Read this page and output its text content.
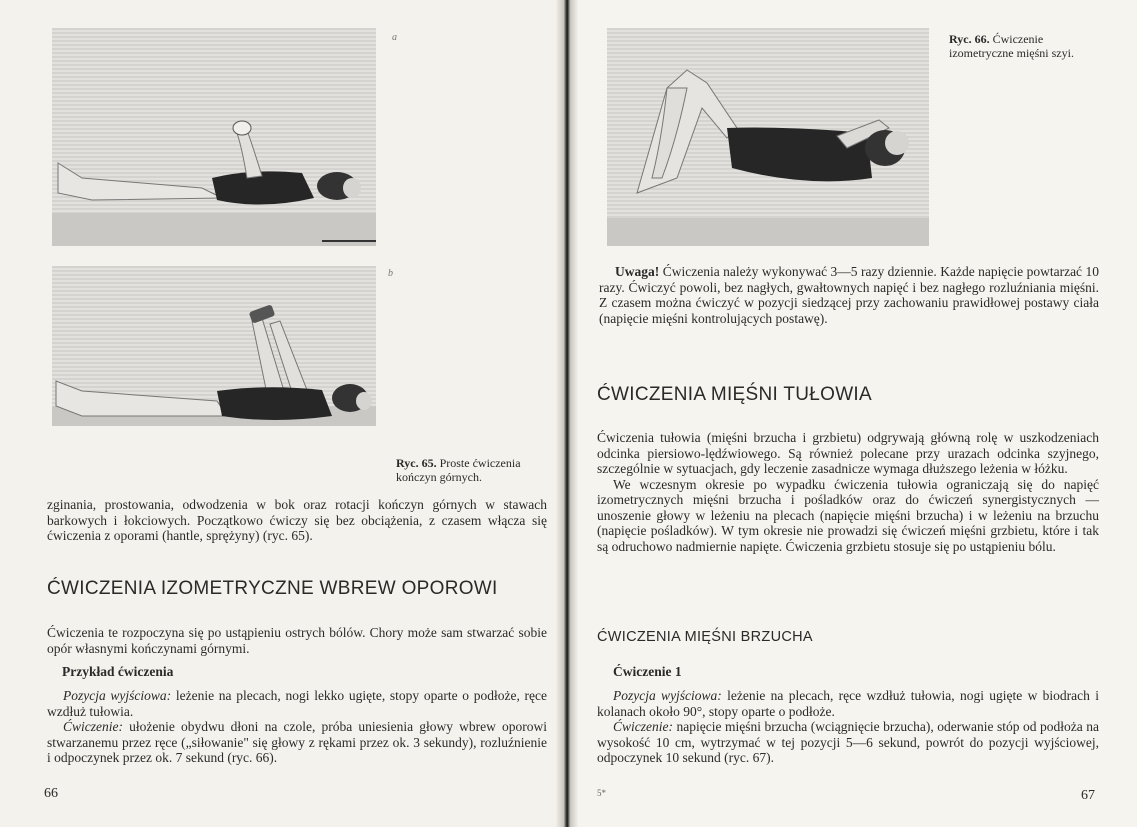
a
b
Ryc. 65. Proste ćwiczenia kończyn górnych.

zginania, prostowania, odwodzenia w bok oraz rotacji kończyn górnych w stawach barkowych i łokciowych. Początkowo ćwiczy się bez obciążenia, z czasem włącza się ćwiczenia z oporami (hantle, sprężyny) (ryc. 65).

ĆWICZENIA IZOMETRYCZNE WBREW OPOROWI

Ćwiczenia te rozpoczyna się po ustąpieniu ostrych bólów. Chory może sam stwarzać sobie opór własnymi kończynami górnymi.

Przykład ćwiczenia

Pozycja wyjściowa: leżenie na plecach, nogi lekko ugięte, stopy oparte o podłoże, ręce wzdłuż tułowia.

Ćwiczenie: ułożenie obydwu dłoni na czole, próba uniesienia głowy wbrew oporowi stwarzanemu przez ręce („siłowanie" się głowy z rękami przez ok. 3 sekundy), rozluźnienie i odpoczynek przez ok. 7 sekund (ryc. 66).

66
Ryc. 66. Ćwiczenie izometryczne mięśni szyi.

Uwaga! Ćwiczenia należy wykonywać 3—5 razy dziennie. Każde napięcie powtarzać 10 razy. Ćwiczyć powoli, bez nagłych, gwałtownych napięć i bez nagłego rozluźniania mięśni. Z czasem można ćwiczyć w pozycji siedzącej przy zachowaniu prawidłowej postawy ciała (napięcie mięśni kontrolujących postawę).

ĆWICZENIA MIĘŚNI TUŁOWIA

Ćwiczenia tułowia (mięśni brzucha i grzbietu) odgrywają główną rolę w uszkodzeniach odcinka piersiowo-lędźwiowego. Są również polecane przy urazach odcinka szyjnego, szczególnie w sytuacjach, gdy leczenie zasadnicze wymaga dłuższego leżenia w łóżku.

We wczesnym okresie po wypadku ćwiczenia tułowia ograniczają się do napięć izometrycznych mięśni brzucha i pośladków oraz do ćwiczeń synergistycznych — unoszenie głowy w leżeniu na plecach (napięcie mięśni brzucha) i w leżeniu na brzuchu (napięcie pośladków). W tym okresie nie prowadzi się ćwiczeń mięśni grzbietu, które i tak są odruchowo nadmiernie napięte. Ćwiczenia grzbietu stosuje się po ustąpieniu bólu.

ĆWICZENIA MIĘŚNI BRZUCHA
Ćwiczenie 1

Pozycja wyjściowa: leżenie na plecach, ręce wzdłuż tułowia, nogi ugięte w biodrach i kolanach około 90°, stopy oparte o podłoże.

Ćwiczenie: napięcie mięśni brzucha (wciągnięcie brzucha), oderwanie stóp od podłoża na wysokość 10 cm, wytrzymać w tej pozycji 5—6 sekund, powrót do pozycji wyjściowej, odpoczynek 10 sekund (ryc. 67).

5*	67
